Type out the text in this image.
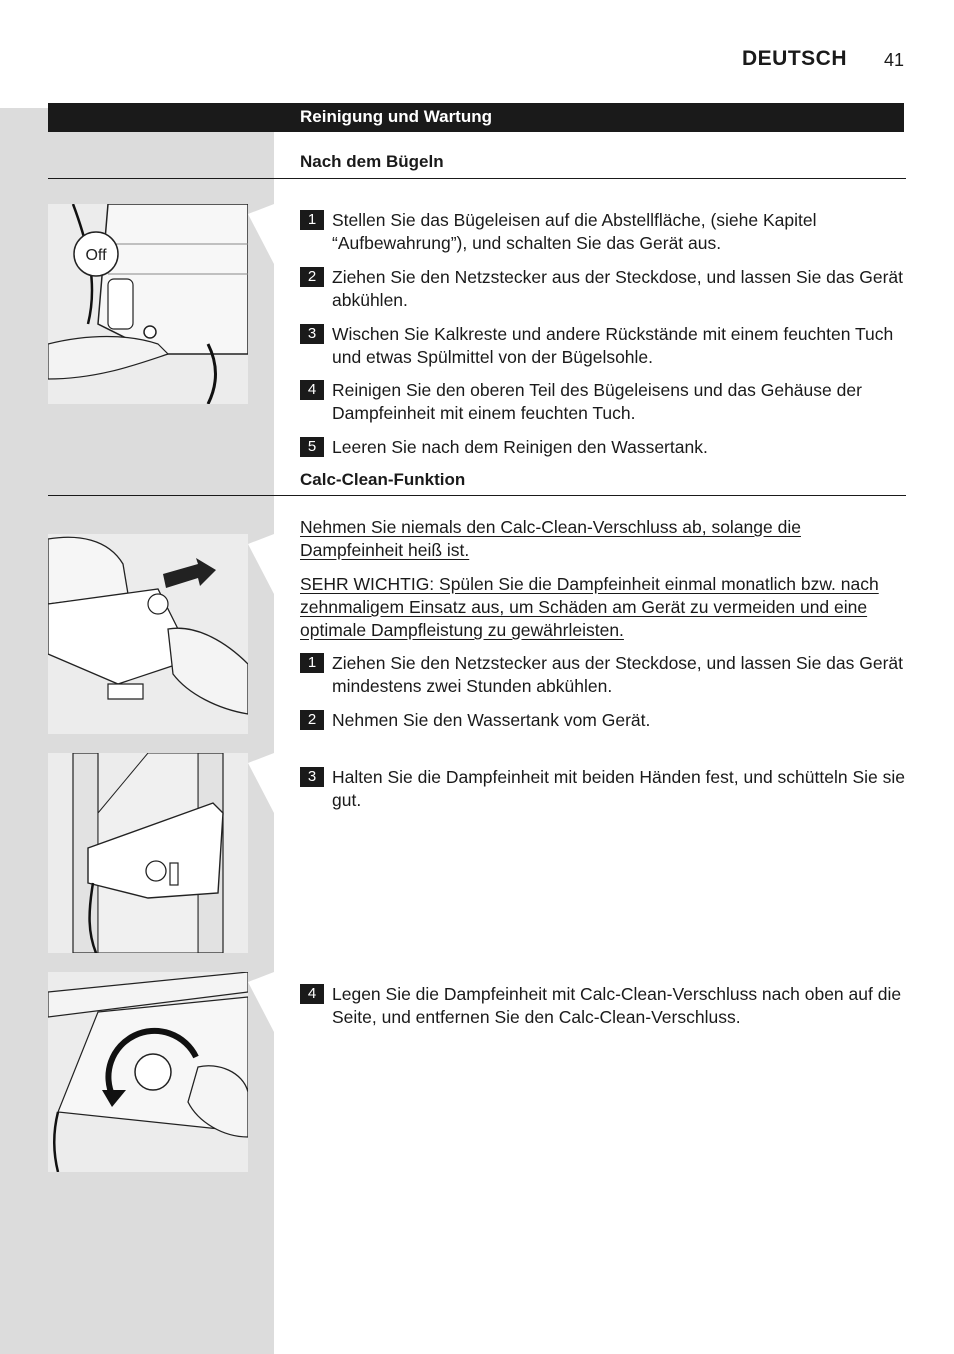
DEUTSCH 41
Reinigung und Wartung
Nach dem Bügeln
Off
1 Stellen Sie das Bügeleisen auf die Abstellfläche, (siehe Kapitel “Aufbewahrung”), und schalten Sie das Gerät aus.
2 Ziehen Sie den Netzstecker aus der Steckdose, und lassen Sie das Gerät abkühlen.
3 Wischen Sie Kalkreste und andere Rückstände mit einem feuchten Tuch und etwas Spülmittel von der Bügelsohle.
4 Reinigen Sie den oberen Teil des Bügeleisens und das Gehäuse der Dampfeinheit mit einem feuchten Tuch.
5 Leeren Sie nach dem Reinigen den Wassertank.
Calc-Clean-Funktion
Nehmen Sie niemals den Calc-Clean-Verschluss ab, solange die Dampfeinheit heiß ist.
SEHR WICHTIG: Spülen Sie die Dampfeinheit einmal monatlich bzw. nach zehnmaligem Einsatz aus, um Schäden am Gerät zu vermeiden und eine optimale Dampfleistung zu gewährleisten.
1 Ziehen Sie den Netzstecker aus der Steckdose, und lassen Sie das Gerät mindestens zwei Stunden abkühlen.
2 Nehmen Sie den Wassertank vom Gerät.
3 Halten Sie die Dampfeinheit mit beiden Händen fest, und schütteln Sie sie gut.
4 Legen Sie die Dampfeinheit mit Calc-Clean-Verschluss nach oben auf die Seite, und entfernen Sie den Calc-Clean-Verschluss.
